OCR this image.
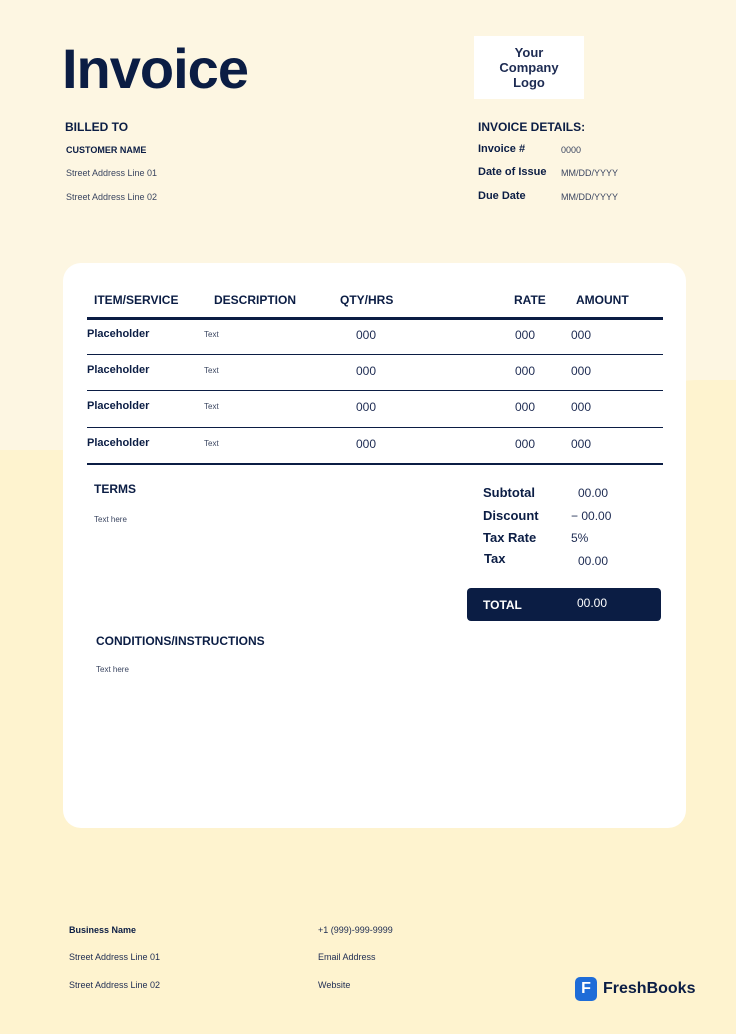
Invoice	Your Company Logo
BILLED TO
CUSTOMER NAME
Street Address Line 01
Street Address Line 02
INVOICE DETAILS:
Invoice #	0000
Date of Issue MM/DD/YYYY
Due Date	MM/DD/YYYY
ITEM/SERVICE	DESCRIPTION	QTY/HRS	RATE	AMOUNT
Placeholder	Text	000	000	000
Placeholder	Text	000	000	000
Placeholder	Text	000	000	000
Placeholder	Text	000	000	000
TERMS
Text here
Subtotal	00.00
Discount	− 00.00
Tax Rate	5%
Tax	00.00
TOTAL	00.00
CONDITIONS/INSTRUCTIONS
Text here
Business Name
Street Address Line 01
Street Address Line 02
+1 (999)-999-9999
Email Address
Website	F FreshBooks
